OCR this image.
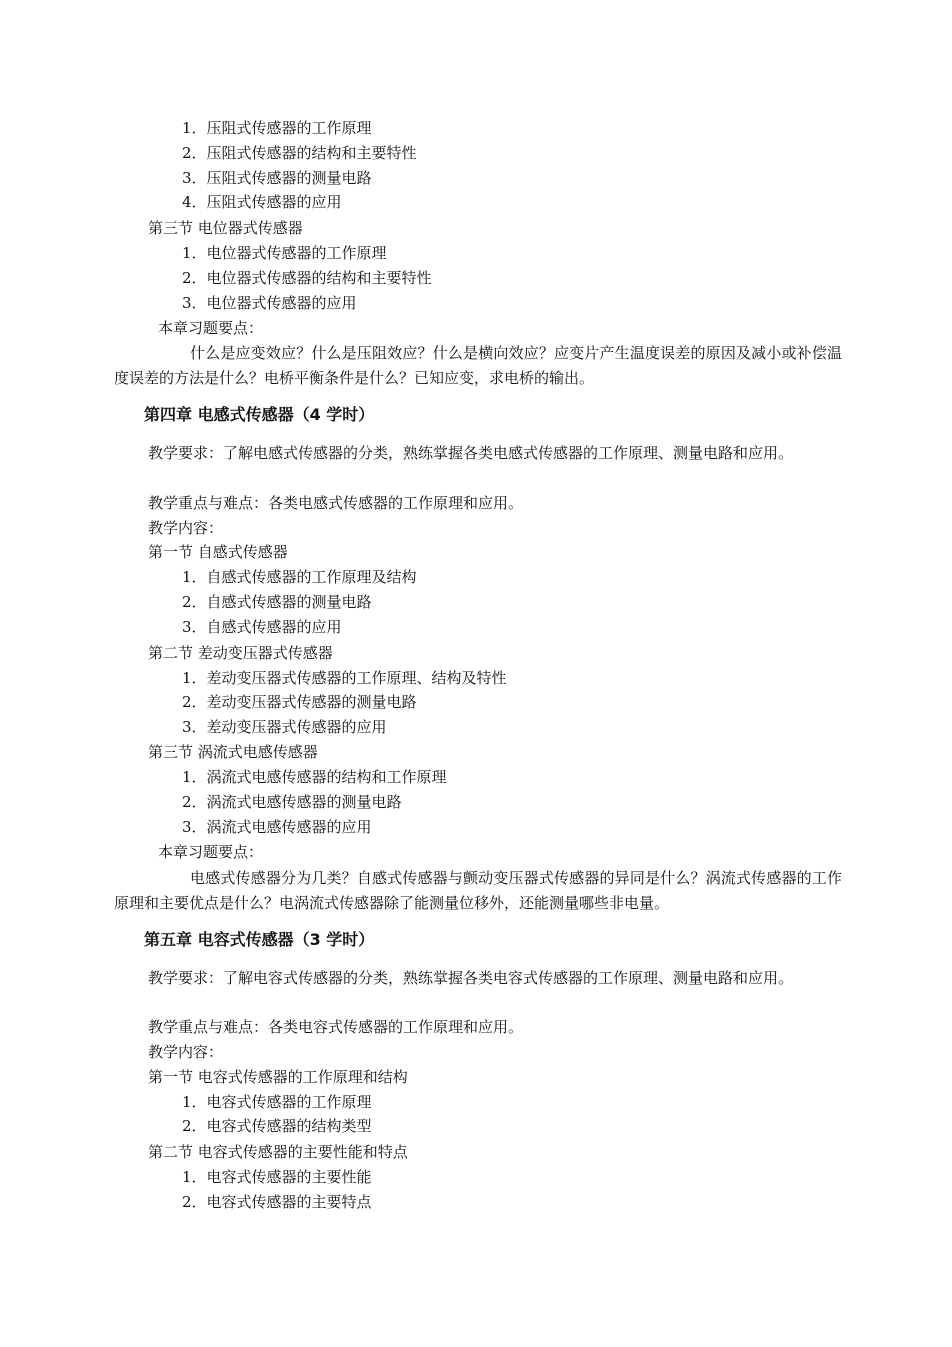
1．压阻式传感器的工作原理
2．压阻式传感器的结构和主要特性
3．压阻式传感器的测量电路
4．压阻式传感器的应用
第三节 电位器式传感器
1．电位器式传感器的工作原理
2．电位器式传感器的结构和主要特性
3．电位器式传感器的应用
本章习题要点：
什么是应变效应？什么是压阻效应？什么是横向效应？应变片产生温度误差的原因及减小或补偿温度误差的方法是什么？电桥平衡条件是什么？已知应变，求电桥的输出。
第四章 电感式传感器（4 学时）
教学要求：了解电感式传感器的分类，熟练掌握各类电感式传感器的工作原理、测量电路和应用。
教学重点与难点：各类电感式传感器的工作原理和应用。
教学内容：
第一节 自感式传感器
1．自感式传感器的工作原理及结构
2．自感式传感器的测量电路
3．自感式传感器的应用
第二节 差动变压器式传感器
1．差动变压器式传感器的工作原理、结构及特性
2．差动变压器式传感器的测量电路
3．差动变压器式传感器的应用
第三节 涡流式电感传感器
1．涡流式电感传感器的结构和工作原理
2．涡流式电感传感器的测量电路
3．涡流式电感传感器的应用
本章习题要点：
电感式传感器分为几类？自感式传感器与颤动变压器式传感器的异同是什么？涡流式传感器的工作原理和主要优点是什么？电涡流式传感器除了能测量位移外，还能测量哪些非电量。
第五章 电容式传感器（3 学时）
教学要求：了解电容式传感器的分类，熟练掌握各类电容式传感器的工作原理、测量电路和应用。
教学重点与难点：各类电容式传感器的工作原理和应用。
教学内容：
第一节 电容式传感器的工作原理和结构
1．电容式传感器的工作原理
2．电容式传感器的结构类型
第二节 电容式传感器的主要性能和特点
1．电容式传感器的主要性能
2．电容式传感器的主要特点
